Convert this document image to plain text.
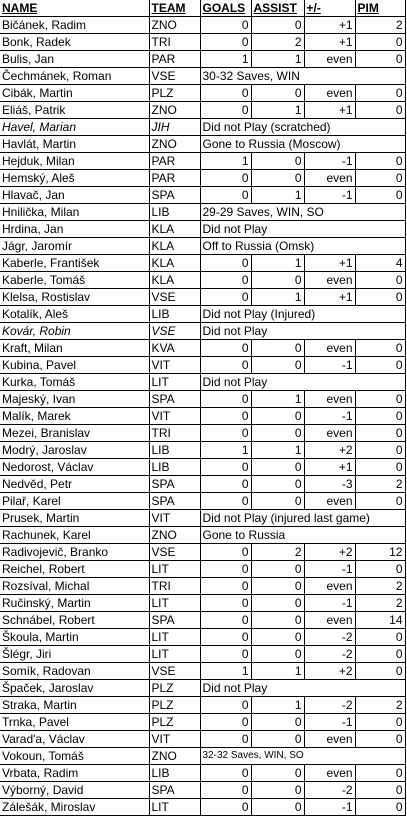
NAME	TEAM	GOALS	ASSIST	+/-	PIM
Bičánek, Radim	ZNO	0	0	+1	2
Bonk, Radek	TRI	0	2	+1	0
Bulis, Jan	PAR	1	1	even	0
Čechmánek, Roman	VSE	30-32 Saves, WIN			
Cibák, Martin	PLZ	0	0	even	0
Eliáš, Patrik	ZNO	0	1	+1	0
Havel, Marian	JIH	Did not Play (scratched)			
Havlát, Martin	ZNO	Gone to Russia (Moscow)			
Hejduk, Milan	PAR	1	0	-1	0
Hemský, Aleš	PAR	0	0	even	0
Hlavač, Jan	SPA	0	1	-1	0
Hnilička, Milan	LIB	29-29 Saves, WIN, SO			
Hrdina, Jan	KLA	Did not Play			
Jágr, Jaromír	KLA	Off to Russia (Omsk)			
Kaberle, František	KLA	0	1	+1	4
Kaberle, Tomáš	KLA	0	0	even	0
Klelsa, Rostislav	VSE	0	1	+1	0
Kotalík, Aleš	LIB	Did not Play (Injured)			
Kovár, Robin	VSE	Did not Play			
Kraft, Milan	KVA	0	0	even	0
Kubina, Pavel	VIT	0	0	-1	0
Kurka, Tomáš	LIT	Did not Play			
Majeský, Ivan	SPA	0	1	even	0
Malík, Marek	VIT	0	0	-1	0
Mezei, Branislav	TRI	0	0	even	0
Modrý, Jaroslav	LIB	1	1	+2	0
Nedorost, Václav	LIB	0	0	+1	0
Nedvěd, Petr	SPA	0	0	-3	2
Pilař, Karel	SPA	0	0	even	0
Prusek, Martin	VIT	Did not Play (injured last game)			
Rachunek, Karel	ZNO	Gone to Russia			
Radivojevič, Branko	VSE	0	2	+2	12
Reichel, Robert	LIT	0	0	-1	0
Rozsíval, Michal	TRI	0	0	even	2
Ručinský, Martin	LIT	0	0	-1	2
Schnábel, Robert	SPA	0	0	even	14
Škoula, Martin	LIT	0	0	-2	0
Šlégr, Jiri	LIT	0	0	-2	0
Somík, Radovan	VSE	1	1	+2	0
Špaček, Jaroslav	PLZ	Did not Play			
Straka, Martin	PLZ	0	1	-2	2
Trnka, Pavel	PLZ	0	0	-1	0
Varad'a, Václav	VIT	0	0	even	0
Vokoun, Tomáš	ZNO	32-32 Saves, WIN, SO			
Vrbata, Radim	LIB	0	0	even	0
Výborný, David	SPA	0	0	-2	0
Zálešák, Miroslav	LIT	0	0	-1	0
